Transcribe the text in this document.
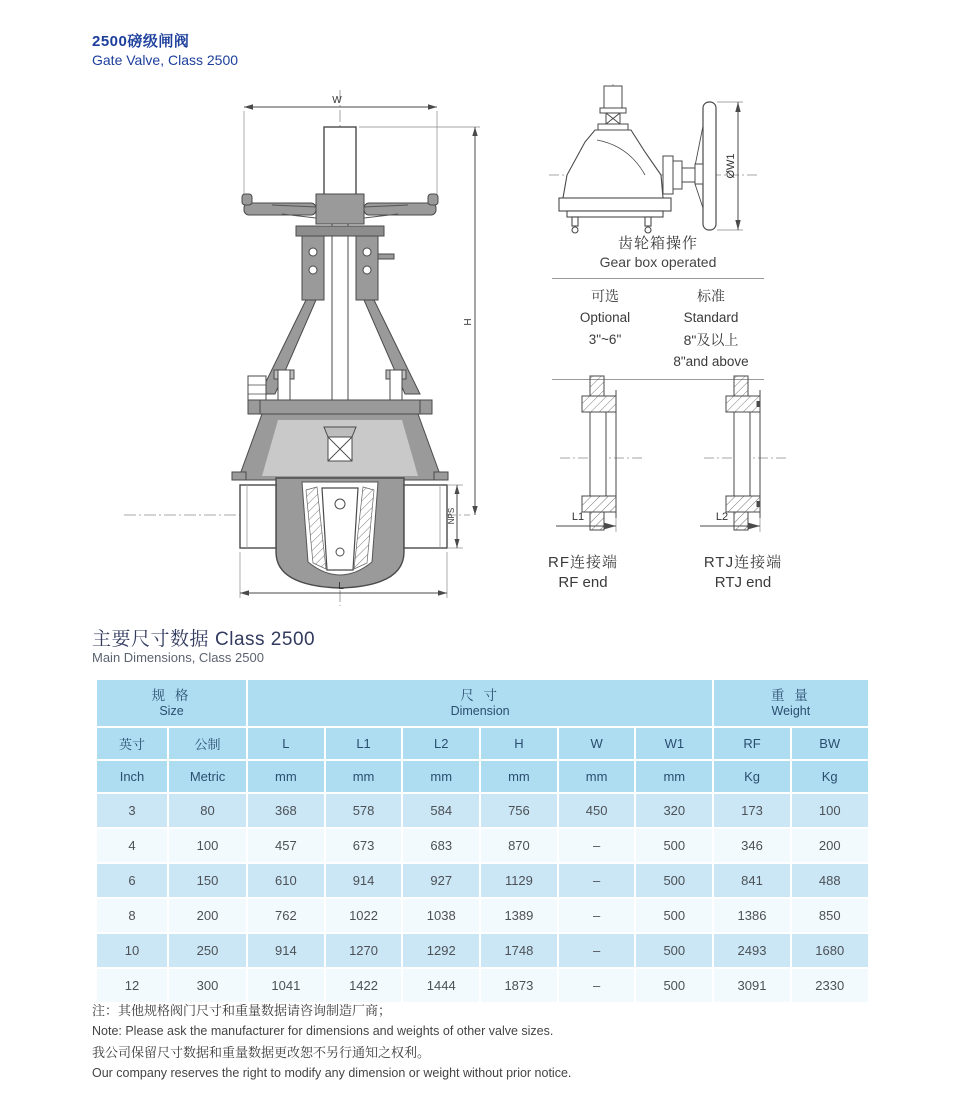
2500磅级闸阀
Gate Valve, Class 2500
W
H
NPS
L
ØW1
齿轮箱操作
Gear box operated
可选
Optional
3"~6"
标准
Standard
8"及以上
8"and above
L1	L2
RF连接端
RF end
RTJ连接端
RTJ end
主要尺寸数据 Class 2500
Main Dimensions, Class 2500
规 格
Size

尺 寸
Dimension

重 量
Weight

英寸	公制	L	L1	L2	H	W	W1	RF	BW
Inch	Metric	mm	mm	mm	mm	mm	mm	Kg	Kg
3	80	368	578	584	756	450	320	173	100
4	100	457	673	683	870	–	500	346	200
6	150	610	914	927	1129	–	500	841	488
8	200	762	1022	1038	1389	–	500	1386	850
10	250	914	1270	1292	1748	–	500	2493	1680
12	300	1041	1422	1444	1873	–	500	3091	2330
注：其他规格阀门尺寸和重量数据请咨询制造厂商；
Note: Please ask the manufacturer for dimensions and weights of other valve sizes.
我公司保留尺寸数据和重量数据更改恕不另行通知之权利。
Our company reserves the right to modify any dimension or weight without prior notice.
